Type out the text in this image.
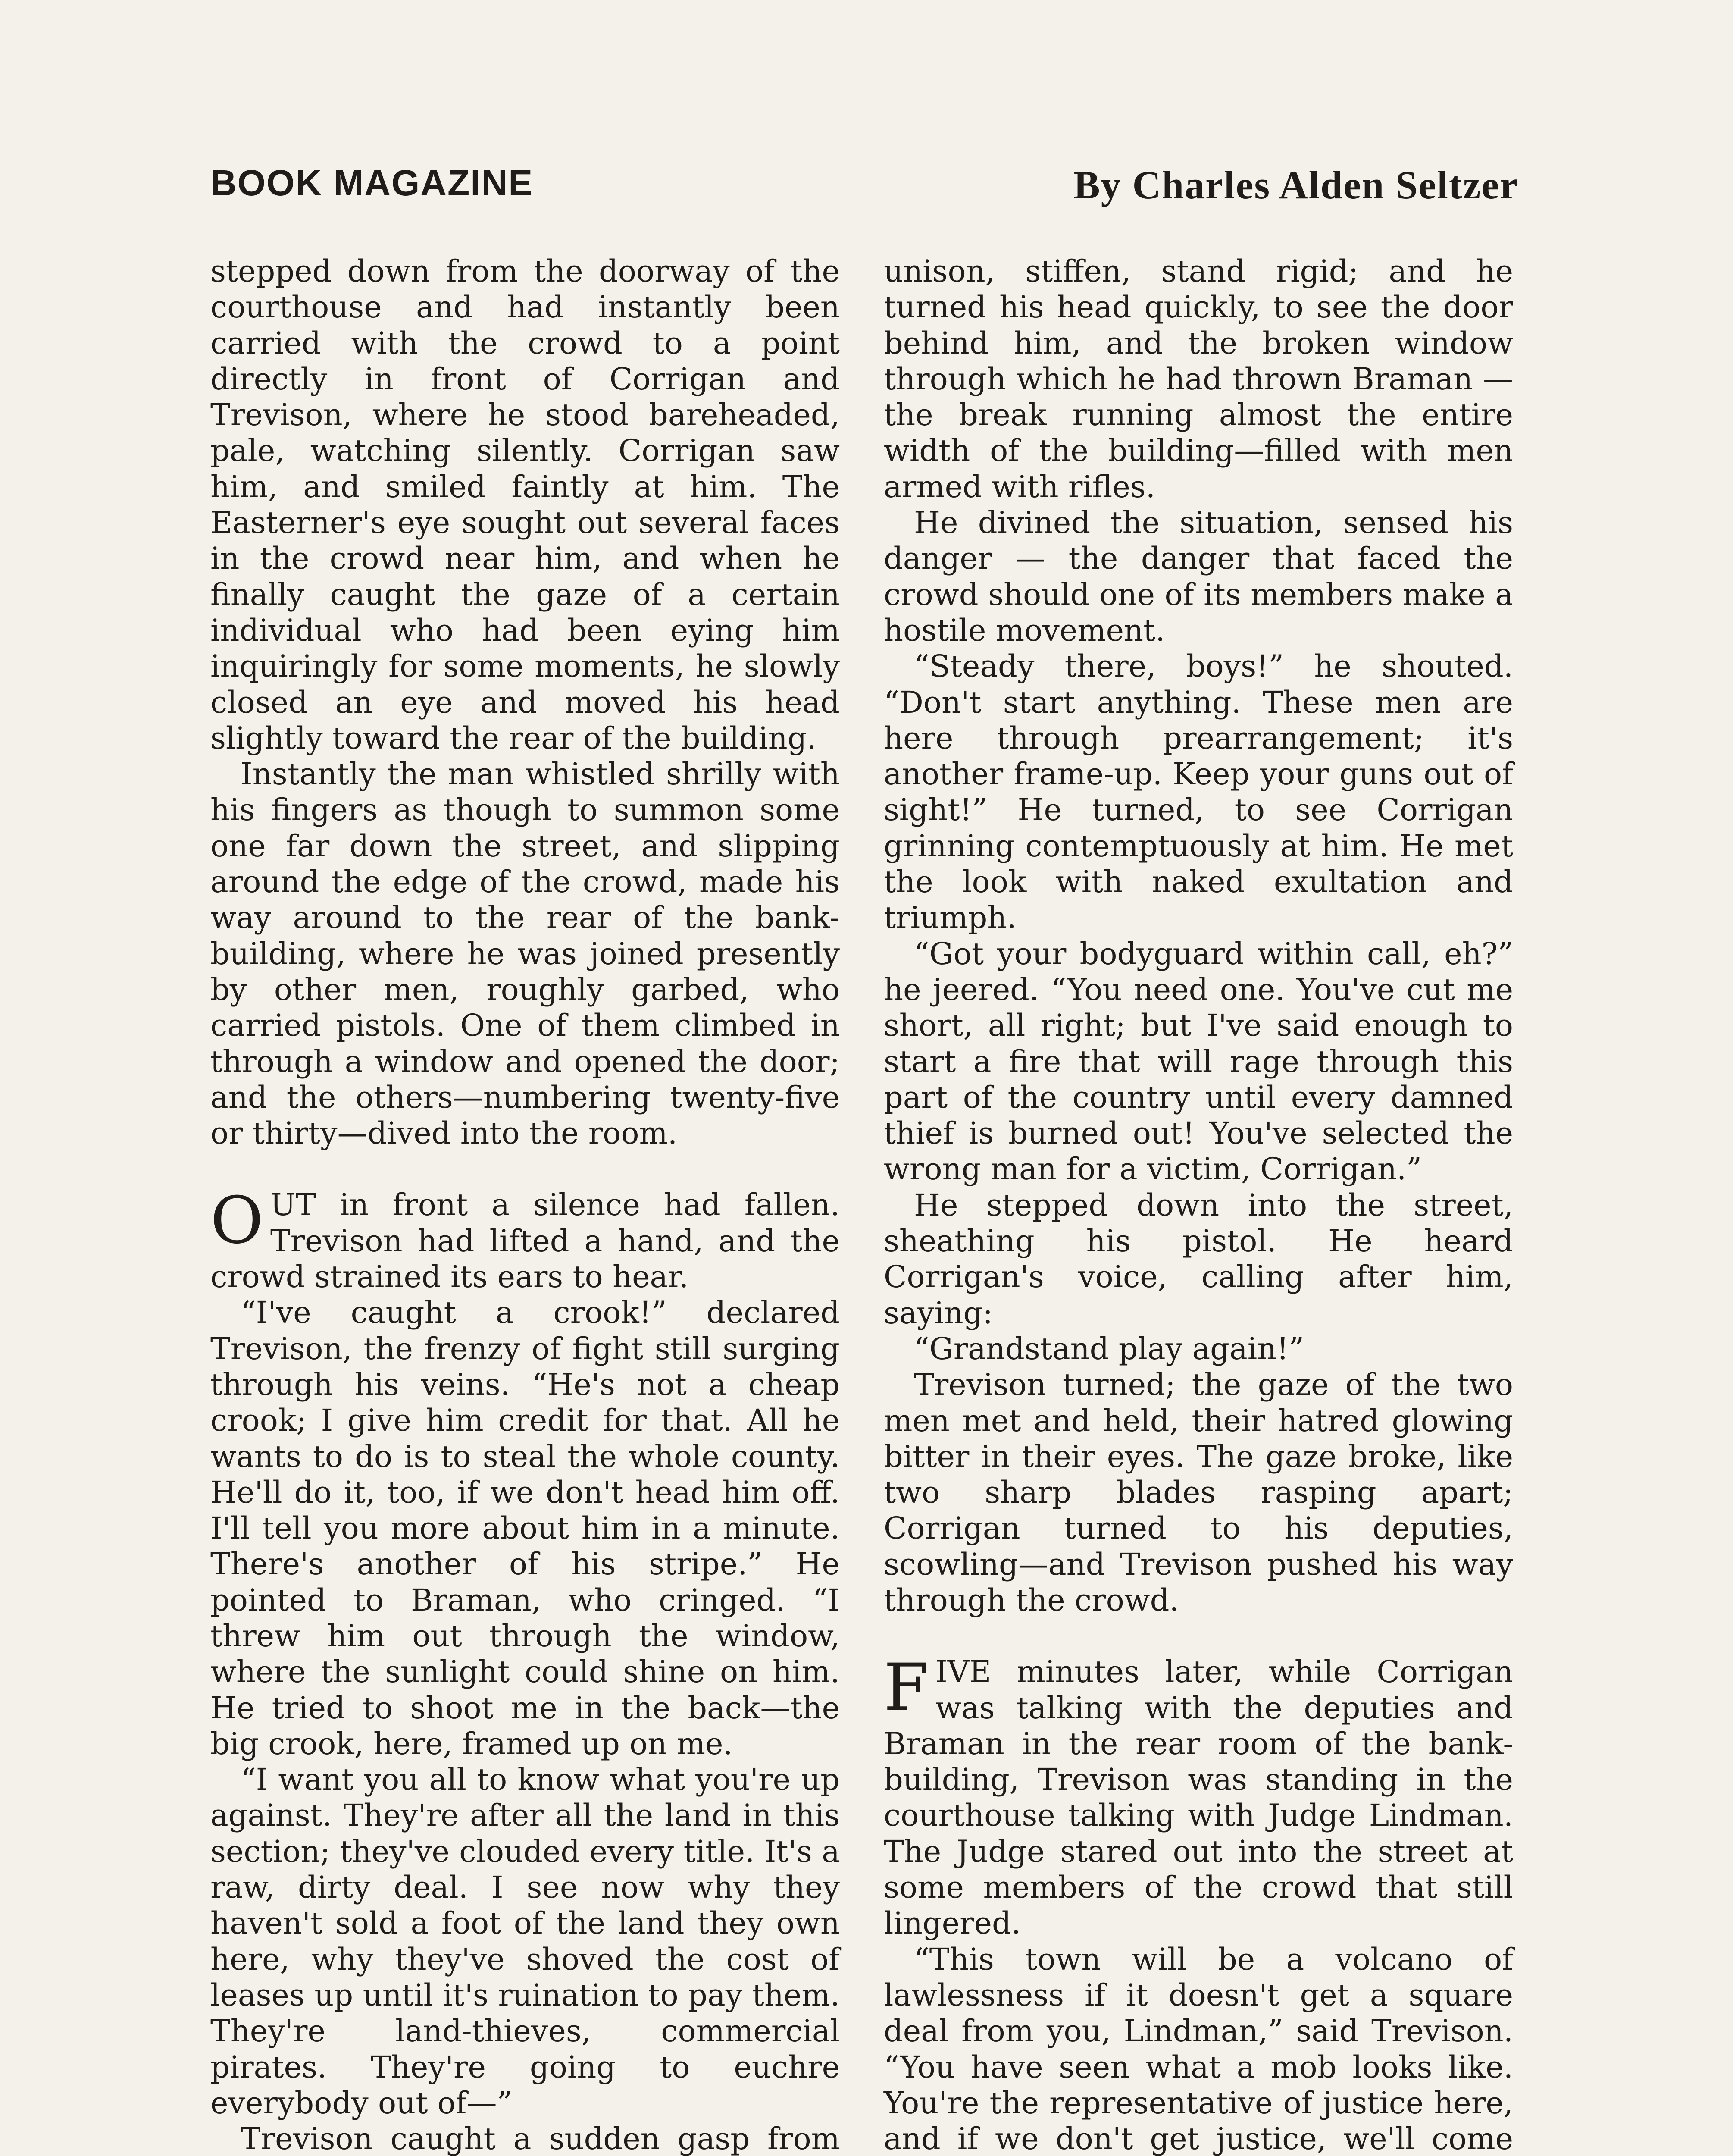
BOOK MAGAZINE	By Charles Alden Seltzer

stepped down from the doorway of the courthouse and had instantly been carried with the crowd to a point directly in front of Corrigan and Trevison, where he stood bareheaded, pale, watching silently. Corrigan saw him, and smiled faintly at him. The Easterner's eye sought out several faces in the crowd near him, and when he finally caught the gaze of a certain individual who had been eying him inquiringly for some moments, he slowly closed an eye and moved his head slightly toward the rear of the building.

Instantly the man whistled shrilly with his fingers as though to summon some one far down the street, and slipping around the edge of the crowd, made his way around to the rear of the bank-building, where he was joined presently by other men, roughly garbed, who carried pistols. One of them climbed in through a window and opened the door; and the others—numbering twenty-five or thirty—dived into the room.

OUT in front a silence had fallen. Trevison had lifted a hand, and the crowd strained its ears to hear.

“I've caught a crook!” declared Trevison, the frenzy of fight still surging through his veins. “He's not a cheap crook; I give him credit for that. All he wants to do is to steal the whole county. He'll do it, too, if we don't head him off. I'll tell you more about him in a minute. There's another of his stripe.” He pointed to Braman, who cringed. “I threw him out through the window, where the sunlight could shine on him. He tried to shoot me in the back—the big crook, here, framed up on me.

“I want you all to know what you're up against. They're after all the land in this section; they've clouded every title. It's a raw, dirty deal. I see now why they haven't sold a foot of the land they own here, why they've shoved the cost of leases up until it's ruination to pay them. They're land-thieves, commercial pirates. They're going to euchre everybody out of—”

Trevison caught a sudden gasp from

unison, stiffen, stand rigid; and he turned his head quickly, to see the door behind him, and the broken window through which he had thrown Braman —the break running almost the entire width of the building—filled with men armed with rifles.

He divined the situation, sensed his danger — the danger that faced the crowd should one of its members make a hostile movement.

“Steady there, boys!” he shouted. “Don't start anything. These men are here through prearrangement; it's another frame-up. Keep your guns out of sight!” He turned, to see Corrigan grinning contemptuously at him. He met the look with naked exultation and triumph.

“Got your bodyguard within call, eh?” he jeered. “You need one. You've cut me short, all right; but I've said enough to start a fire that will rage through this part of the country until every damned thief is burned out! You've selected the wrong man for a victim, Corrigan.”

He stepped down into the street, sheathing his pistol. He heard Corrigan's voice, calling after him, saying:

“Grandstand play again!”

Trevison turned; the gaze of the two men met and held, their hatred glowing bitter in their eyes. The gaze broke, like two sharp blades rasping apart; Corrigan turned to his deputies, scowling—and Trevison pushed his way through the crowd.

FIVE minutes later, while Corrigan was talking with the deputies and Braman in the rear room of the bank-building, Trevison was standing in the courthouse talking with Judge Lindman. The Judge stared out into the street at some members of the crowd that still lingered.

“This town will be a volcano of lawlessness if it doesn't get a square deal from you, Lindman,” said Trevison. “You have seen what a mob looks like. You're the representative of justice here, and if we don't get justice, we'll come
